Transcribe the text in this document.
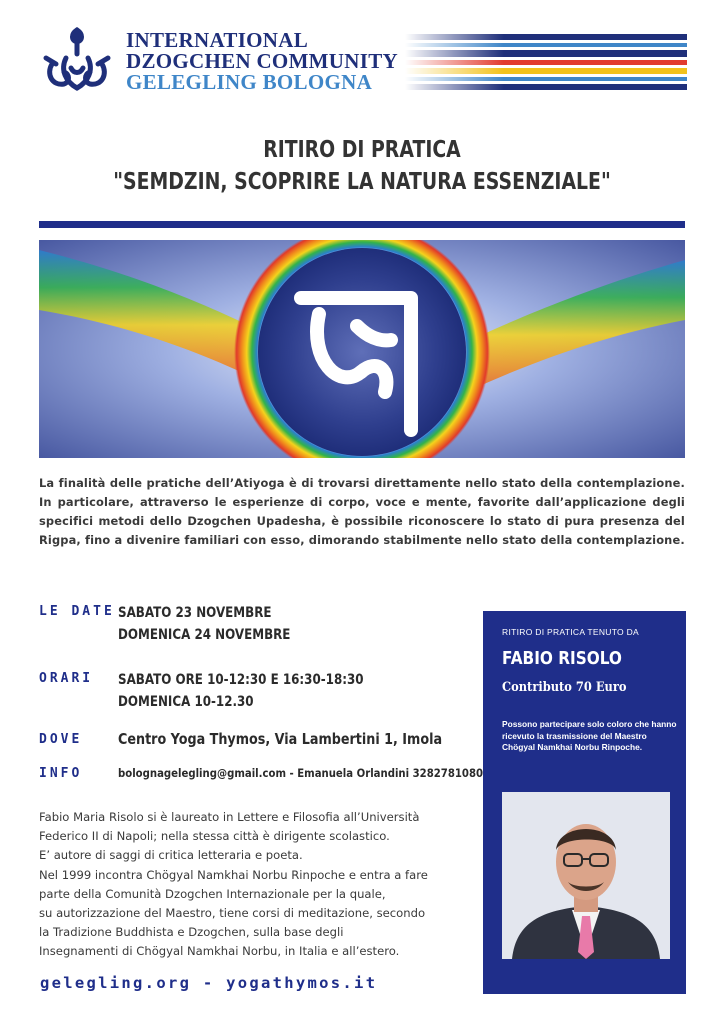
INTERNATIONAL
DZOGCHEN COMMUNITY
GELEGLING BOLOGNA
RITIRO DI PRATICA
"SEMDZIN, SCOPRIRE LA NATURA ESSENZIALE"
La finalità delle pratiche dell’Atiyoga è di trovarsi direttamente nello stato della contemplazione. In particolare, attraverso le esperienze di corpo, voce e mente, favorite dall’applicazione degli specifici metodi dello Dzogchen Upadesha, è possibile riconoscere lo stato di pura presenza del Rigpa, fino a divenire familiari con esso, dimorando stabilmente nello stato della contemplazione.
LE DATE SABATO 23 NOVEMBRE
DOMENICA 24 NOVEMBRE
ORARI SABATO ORE 10-12:30 E 16:30-18:30
DOMENICA 10-12.30
DOVE Centro Yoga Thymos, Via Lambertini 1, Imola
INFO	bolognagelegling@gmail.com - Emanuela Orlandini 3282781080
Fabio Maria Risolo si è laureato in Lettere e Filosofia all’Università
Federico II di Napoli; nella stessa città è dirigente scolastico.
E’ autore di saggi di critica letteraria e poeta.
Nel 1999 incontra Chögyal Namkhai Norbu Rinpoche e entra a fare
parte della Comunità Dzogchen Internazionale per la quale,
su autorizzazione del Maestro, tiene corsi di meditazione, secondo
la Tradizione Buddhista e Dzogchen, sulla base degli
Insegnamenti di Chögyal Namkhai Norbu, in Italia e all’estero.
gelegling.org - yogathymos.it
RITIRO DI PRATICA TENUTO DA
FABIO RISOLO
Contributo 70 Euro
Possono partecipare solo coloro che hanno ricevuto la trasmissione del Maestro Chögyal Namkhai Norbu Rinpoche.
